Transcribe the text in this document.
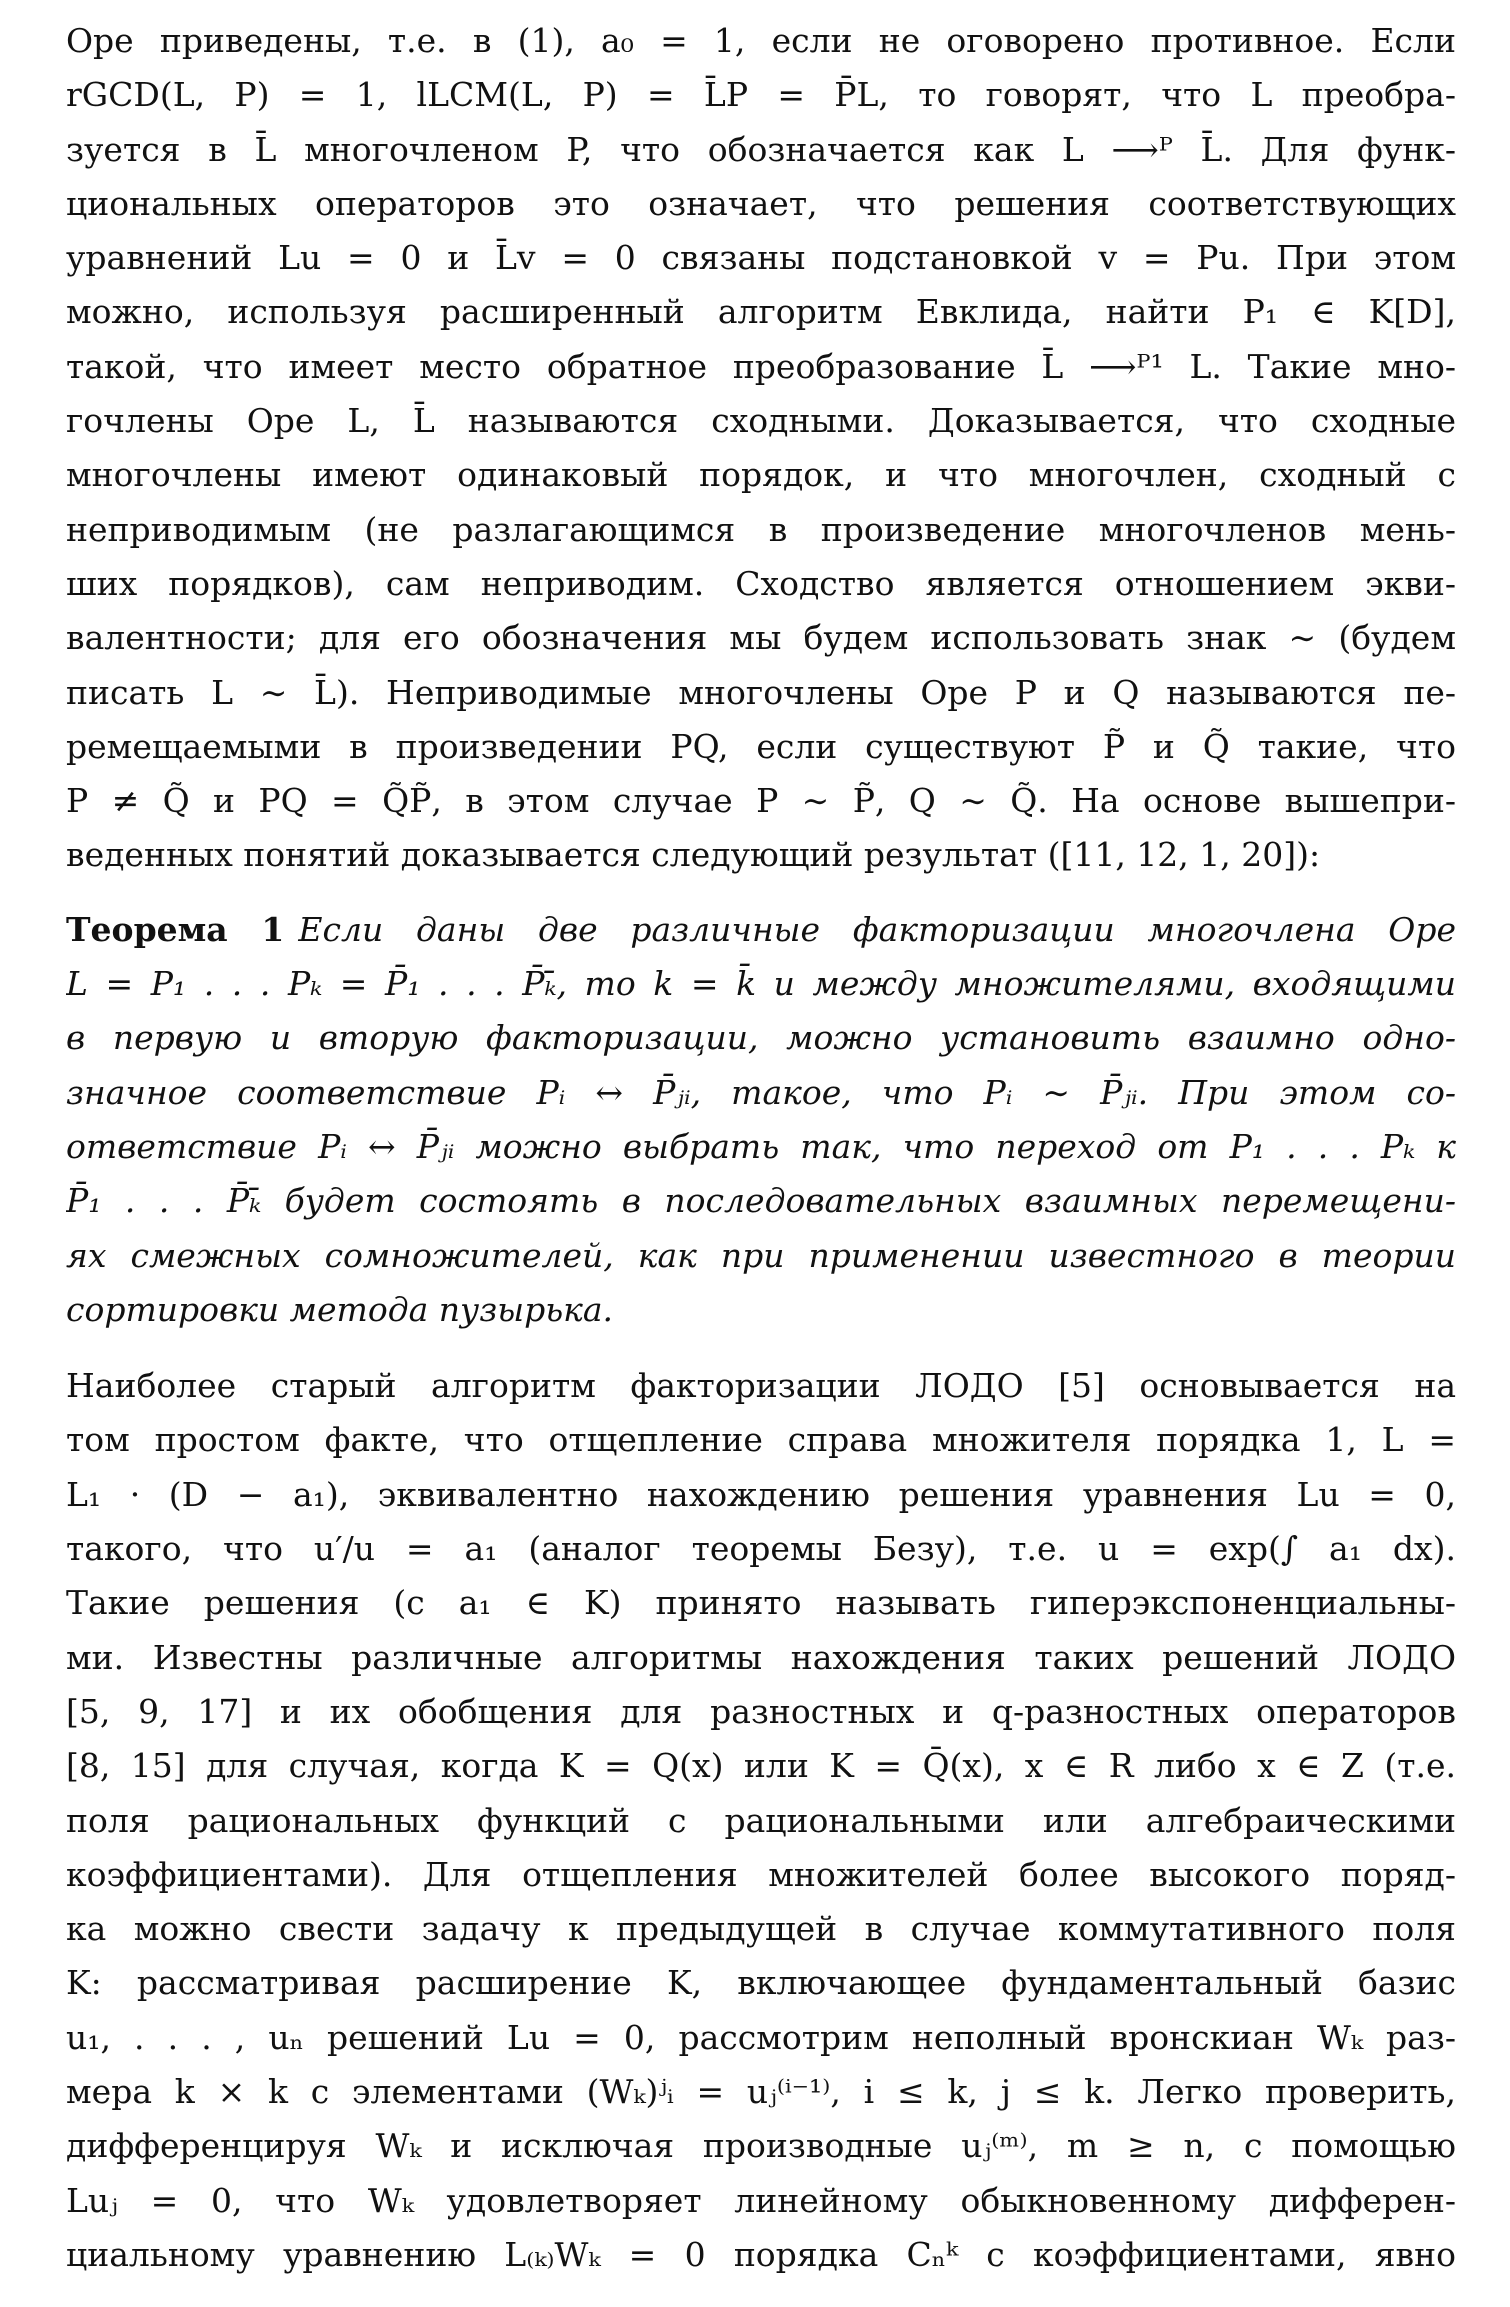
Оре приведены, т.е. в (1), a₀ = 1, если не оговорено противное. Если
rGCD(L, P) = 1, lLCM(L, P) = L̄P = P̄L, то говорят, что L преобра-
зуется в L̄ многочленом P, что обозначается как L ⟶ᴾ L̄. Для функ-
циональных операторов это означает, что решения соответствующих
уравнений Lu = 0 и L̄v = 0 связаны подстановкой v = Pu. При этом
можно, используя расширенный алгоритм Евклида, найти P₁ ∈ K[D],
такой, что имеет место обратное преобразование L̄ ⟶ᴾ¹ L. Такие мно-
гочлены Оре L, L̄ называются сходными. Доказывается, что сходные
многочлены имеют одинаковый порядок, и что многочлен, сходный с
неприводимым (не разлагающимся в произведение многочленов мень-
ших порядков), сам неприводим. Сходство является отношением экви-
валентности; для его обозначения мы будем использовать знак ∼ (будем
писать L ∼ L̄). Неприводимые многочлены Оре P и Q называются пе-
ремещаемыми в произведении PQ, если существуют P̃ и Q̃ такие, что
P ≠ Q̃ и PQ = Q̃P̃, в этом случае P ∼ P̃, Q ∼ Q̃. На основе вышепри-
веденных понятий доказывается следующий результат ([11, 12, 1, 20]):
Теорема 1 Если даны две различные факторизации многочлена Оре
L = P₁ . . . Pₖ = P̄₁ . . . P̄ₖ̄, то k = k̄ и между множителями, входящими
в первую и вторую факторизации, можно установить взаимно одно-
значное соответствие Pᵢ ↔ P̄ⱼᵢ, такое, что Pᵢ ∼ P̄ⱼᵢ. При этом со-
ответствие Pᵢ ↔ P̄ⱼᵢ можно выбрать так, что переход от P₁ . . . Pₖ к
P̄₁ . . . P̄ₖ̄ будет состоять в последовательных взаимных перемещени-
ях смежных сомножителей, как при применении известного в теории
сортировки метода пузырька.
Наиболее старый алгоритм факторизации ЛОДО [5] основывается на
том простом факте, что отщепление справа множителя порядка 1, L =
L₁ · (D − a₁), эквивалентно нахождению решения уравнения Lu = 0,
такого, что u′/u = a₁ (аналог теоремы Безу), т.е. u = exp(∫ a₁ dx).
Такие решения (с a₁ ∈ K) принято называть гиперэкспоненциальны-
ми. Известны различные алгоритмы нахождения таких решений ЛОДО
[5, 9, 17] и их обобщения для разностных и q-разностных операторов
[8, 15] для случая, когда K = Q(x) или K = Q̄(x), x ∈ R либо x ∈ Z (т.е.
поля рациональных функций с рациональными или алгебраическими
коэффициентами). Для отщепления множителей более высокого поряд-
ка можно свести задачу к предыдущей в случае коммутативного поля
K: рассматривая расширение K, включающее фундаментальный базис
u₁, . . . , uₙ решений Lu = 0, рассмотрим неполный вронскиан Wₖ раз-
мера k × k с элементами (Wₖ)ʲᵢ = uⱼ⁽ⁱ⁻¹⁾, i ≤ k, j ≤ k. Легко проверить,
дифференцируя Wₖ и исключая производные uⱼ⁽ᵐ⁾, m ≥ n, с помощью
Luⱼ = 0, что Wₖ удовлетворяет линейному обыкновенному дифферен-
циальному уравнению L₍ₖ₎Wₖ = 0 порядка Cₙᵏ с коэффициентами, явно
